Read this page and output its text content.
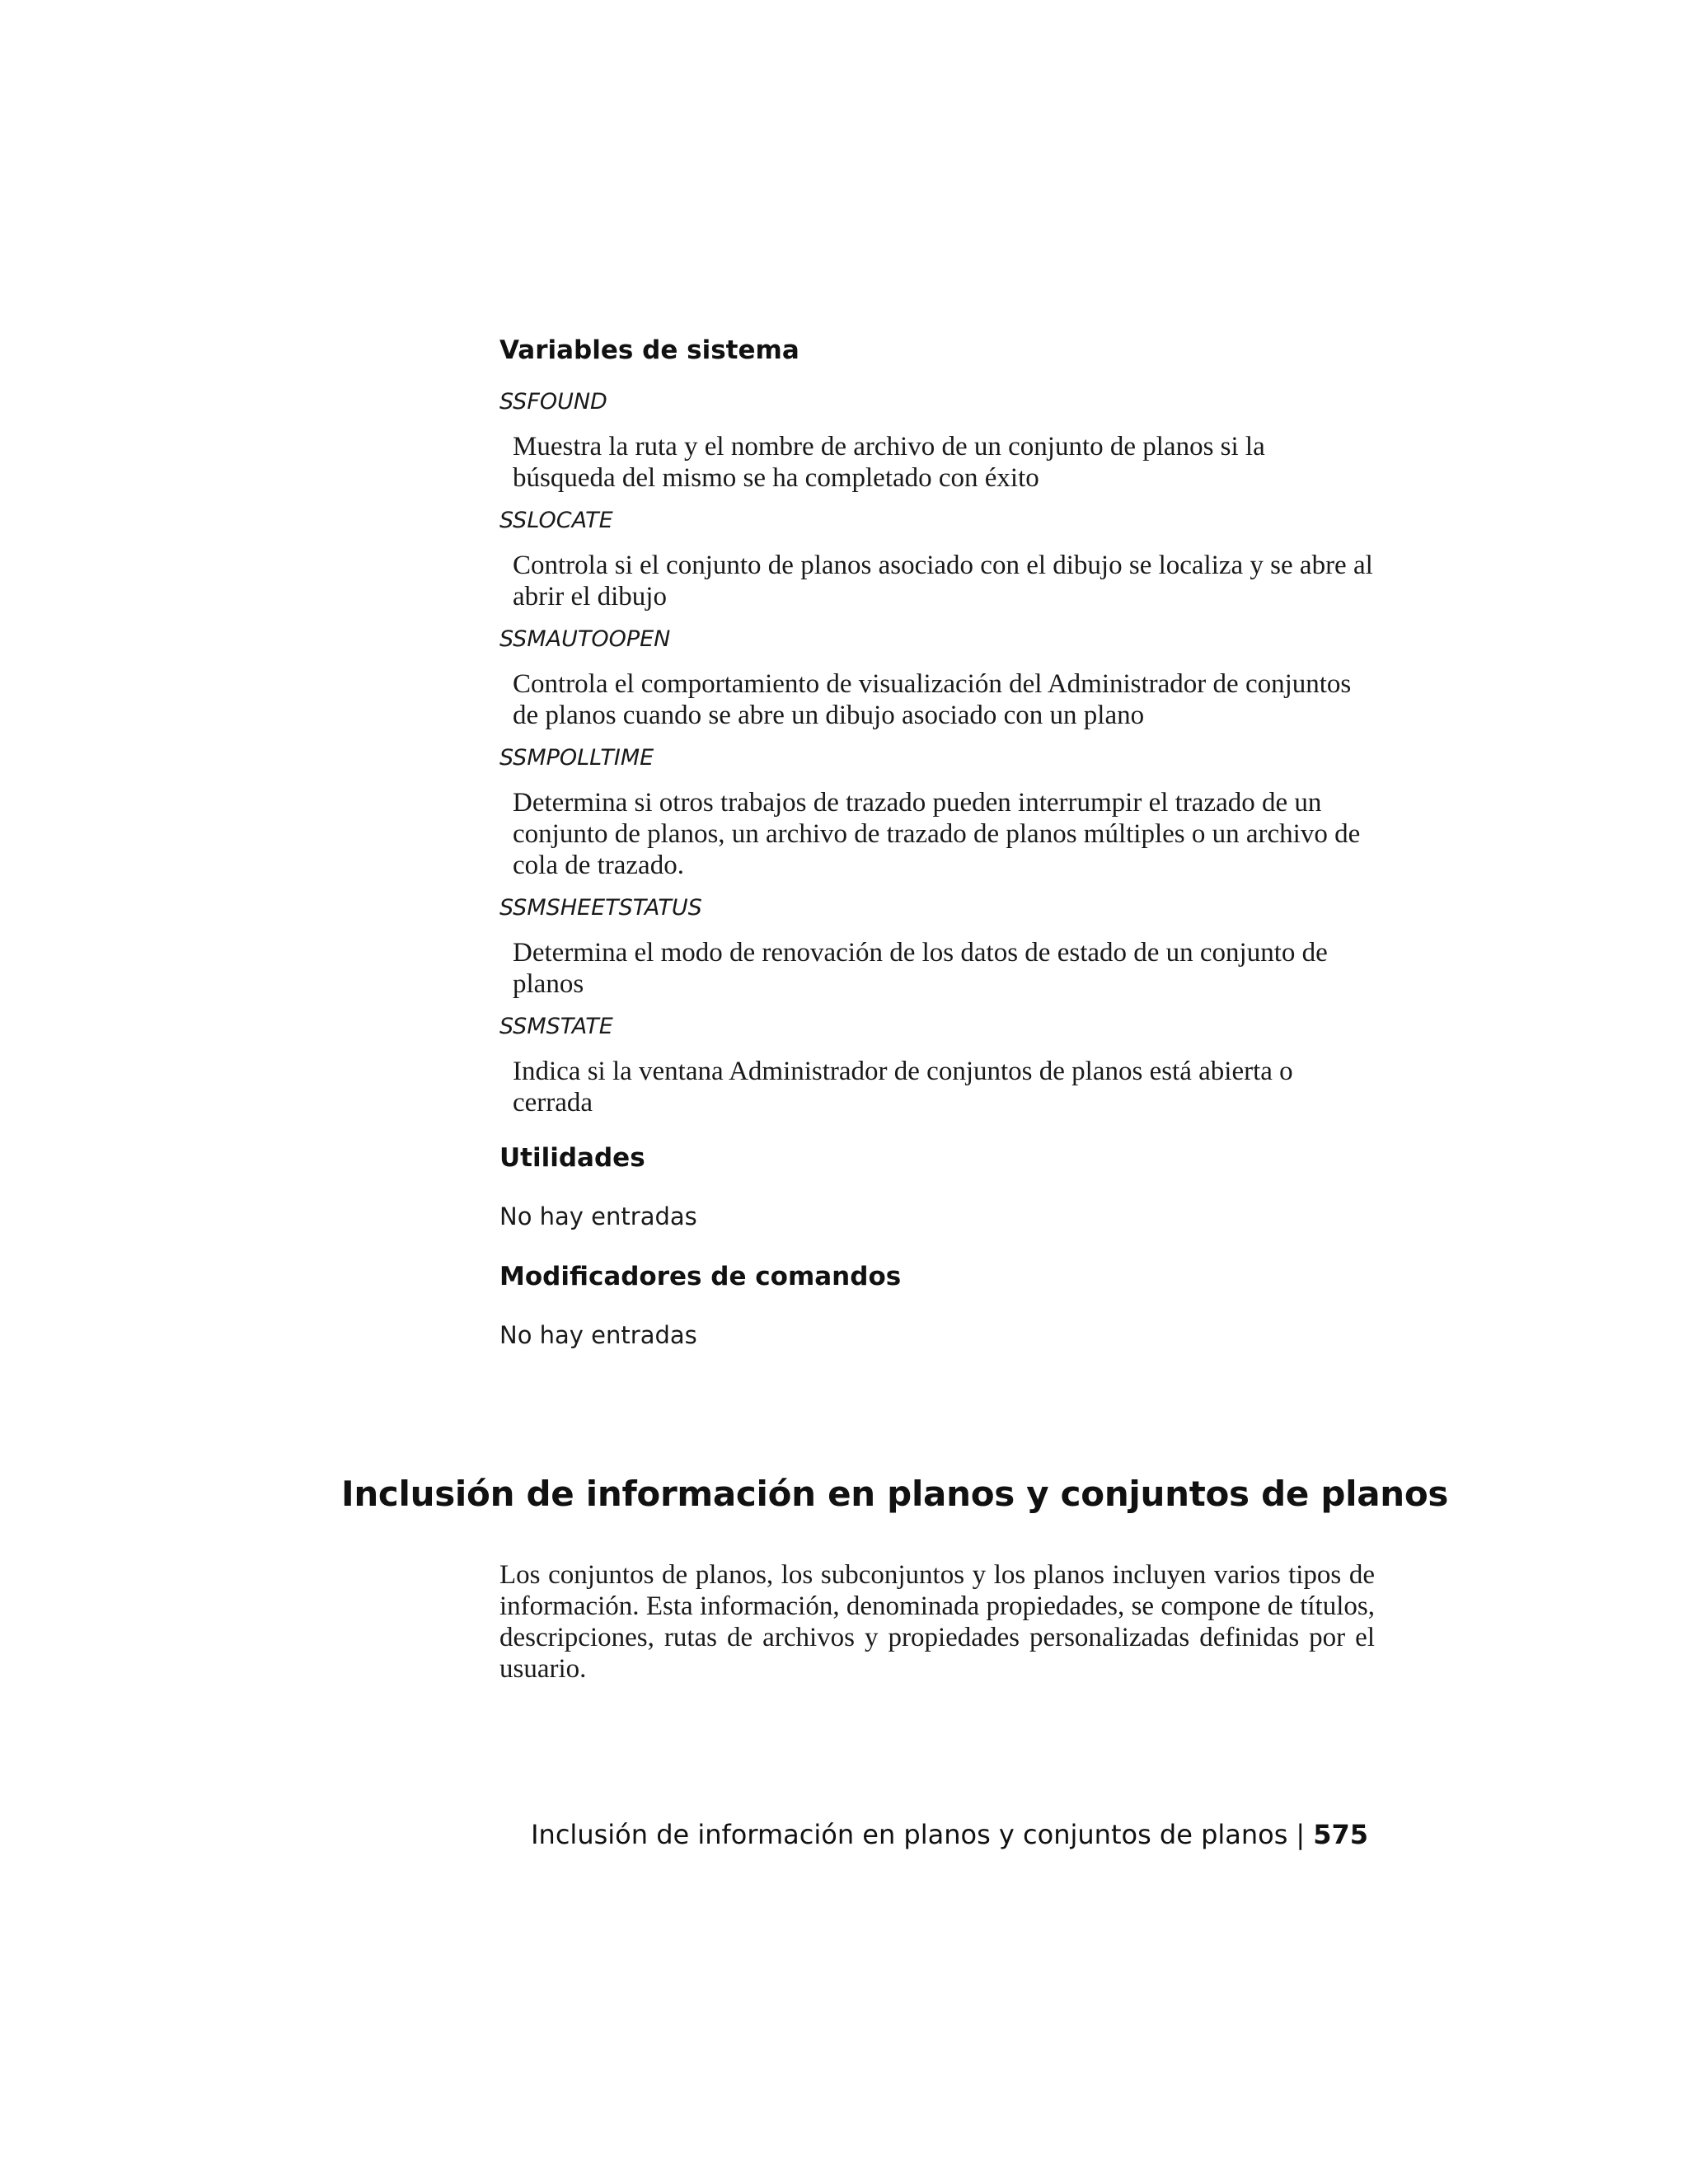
Variables de sistema

SSFOUND

Muestra la ruta y el nombre de archivo de un conjunto de planos si la búsqueda del mismo se ha completado con éxito

SSLOCATE

Controla si el conjunto de planos asociado con el dibujo se localiza y se abre al abrir el dibujo

SSMAUTOOPEN

Controla el comportamiento de visualización del Administrador de conjuntos de planos cuando se abre un dibujo asociado con un plano

SSMPOLLTIME

Determina si otros trabajos de trazado pueden interrumpir el trazado de un conjunto de planos, un archivo de trazado de planos múltiples o un archivo de cola de trazado.

SSMSHEETSTATUS

Determina el modo de renovación de los datos de estado de un conjunto de planos

SSMSTATE

Indica si la ventana Administrador de conjuntos de planos está abierta o cerrada

Utilidades

No hay entradas

Modificadores de comandos

No hay entradas

Inclusión de información en planos y conjuntos de planos

Los conjuntos de planos, los subconjuntos y los planos incluyen varios tipos de información. Esta información, denominada propiedades, se compone de títulos, descripciones, rutas de archivos y propiedades personalizadas definidas por el usuario.

Inclusión de información en planos y conjuntos de planos | 575
